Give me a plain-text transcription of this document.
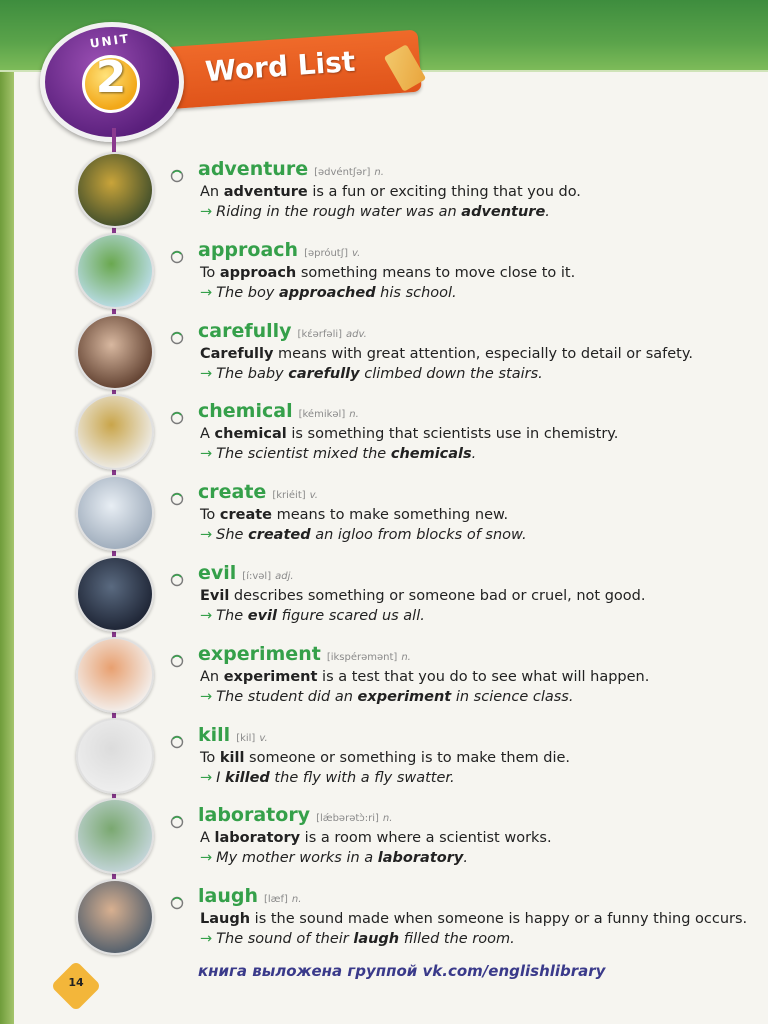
Word List
UNIT
2
adventure [ədvéntʃər] n.
An adventure is a fun or exciting thing that you do.
→ Riding in the rough water was an adventure.
approach [əpróutʃ] v.
To approach something means to move close to it.
→ The boy approached his school.
carefully [kέərfəli] adv.
Carefully means with great attention, especially to detail or safety.
→ The baby carefully climbed down the stairs.
chemical [kémikəl] n.
A chemical is something that scientists use in chemistry.
→ The scientist mixed the chemicals.
create [kriéit] v.
To create means to make something new.
→ She created an igloo from blocks of snow.
evil [í:vəl] adj.
Evil describes something or someone bad or cruel, not good.
→ The evil figure scared us all.
experiment [ikspérəmənt] n.
An experiment is a test that you do to see what will happen.
→ The student did an experiment in science class.
kill [kil] v.
To kill someone or something is to make them die.
→ I killed the fly with a fly swatter.
laboratory [lǽbərətɔ̀:ri] n.
A laboratory is a room where a scientist works.
→ My mother works in a laboratory.
laugh [læf] n.
Laugh is the sound made when someone is happy or a funny thing occurs.
→ The sound of their laugh filled the room.
14
книга выложена группой vk.com/englishlibrary
